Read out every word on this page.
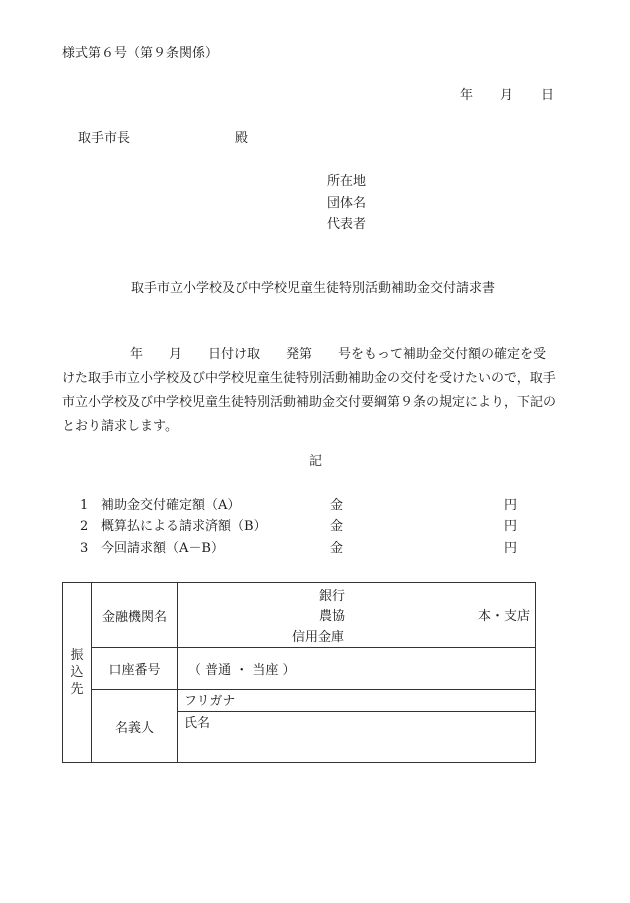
様式第６号（第９条関係）
年 月 日
取手市長	殿
所在地
団体名
代表者
取手市立小学校及び中学校児童生徒特別活動補助金交付請求書

年　　月　　日付け取　　発第　　号をもって補助金交付額の確定を受

けた取手市立小学校及び中学校児童生徒特別活動補助金の交付を受けたいので，取手

市立小学校及び中学校児童生徒特別活動補助金交付要綱第９条の規定により，下記の

とおり請求します。

記
1 補助金交付確定額（A）	金	円
2 概算払による請求済額（B）	金	円
3 今回請求額（A－B）	金	円
振
込
先	金融機関名	銀行
農協
信用金庫
本・支店

	口座番号	（ 普通 ・ 当座 ）
	名義人	フリガナ
		氏名
